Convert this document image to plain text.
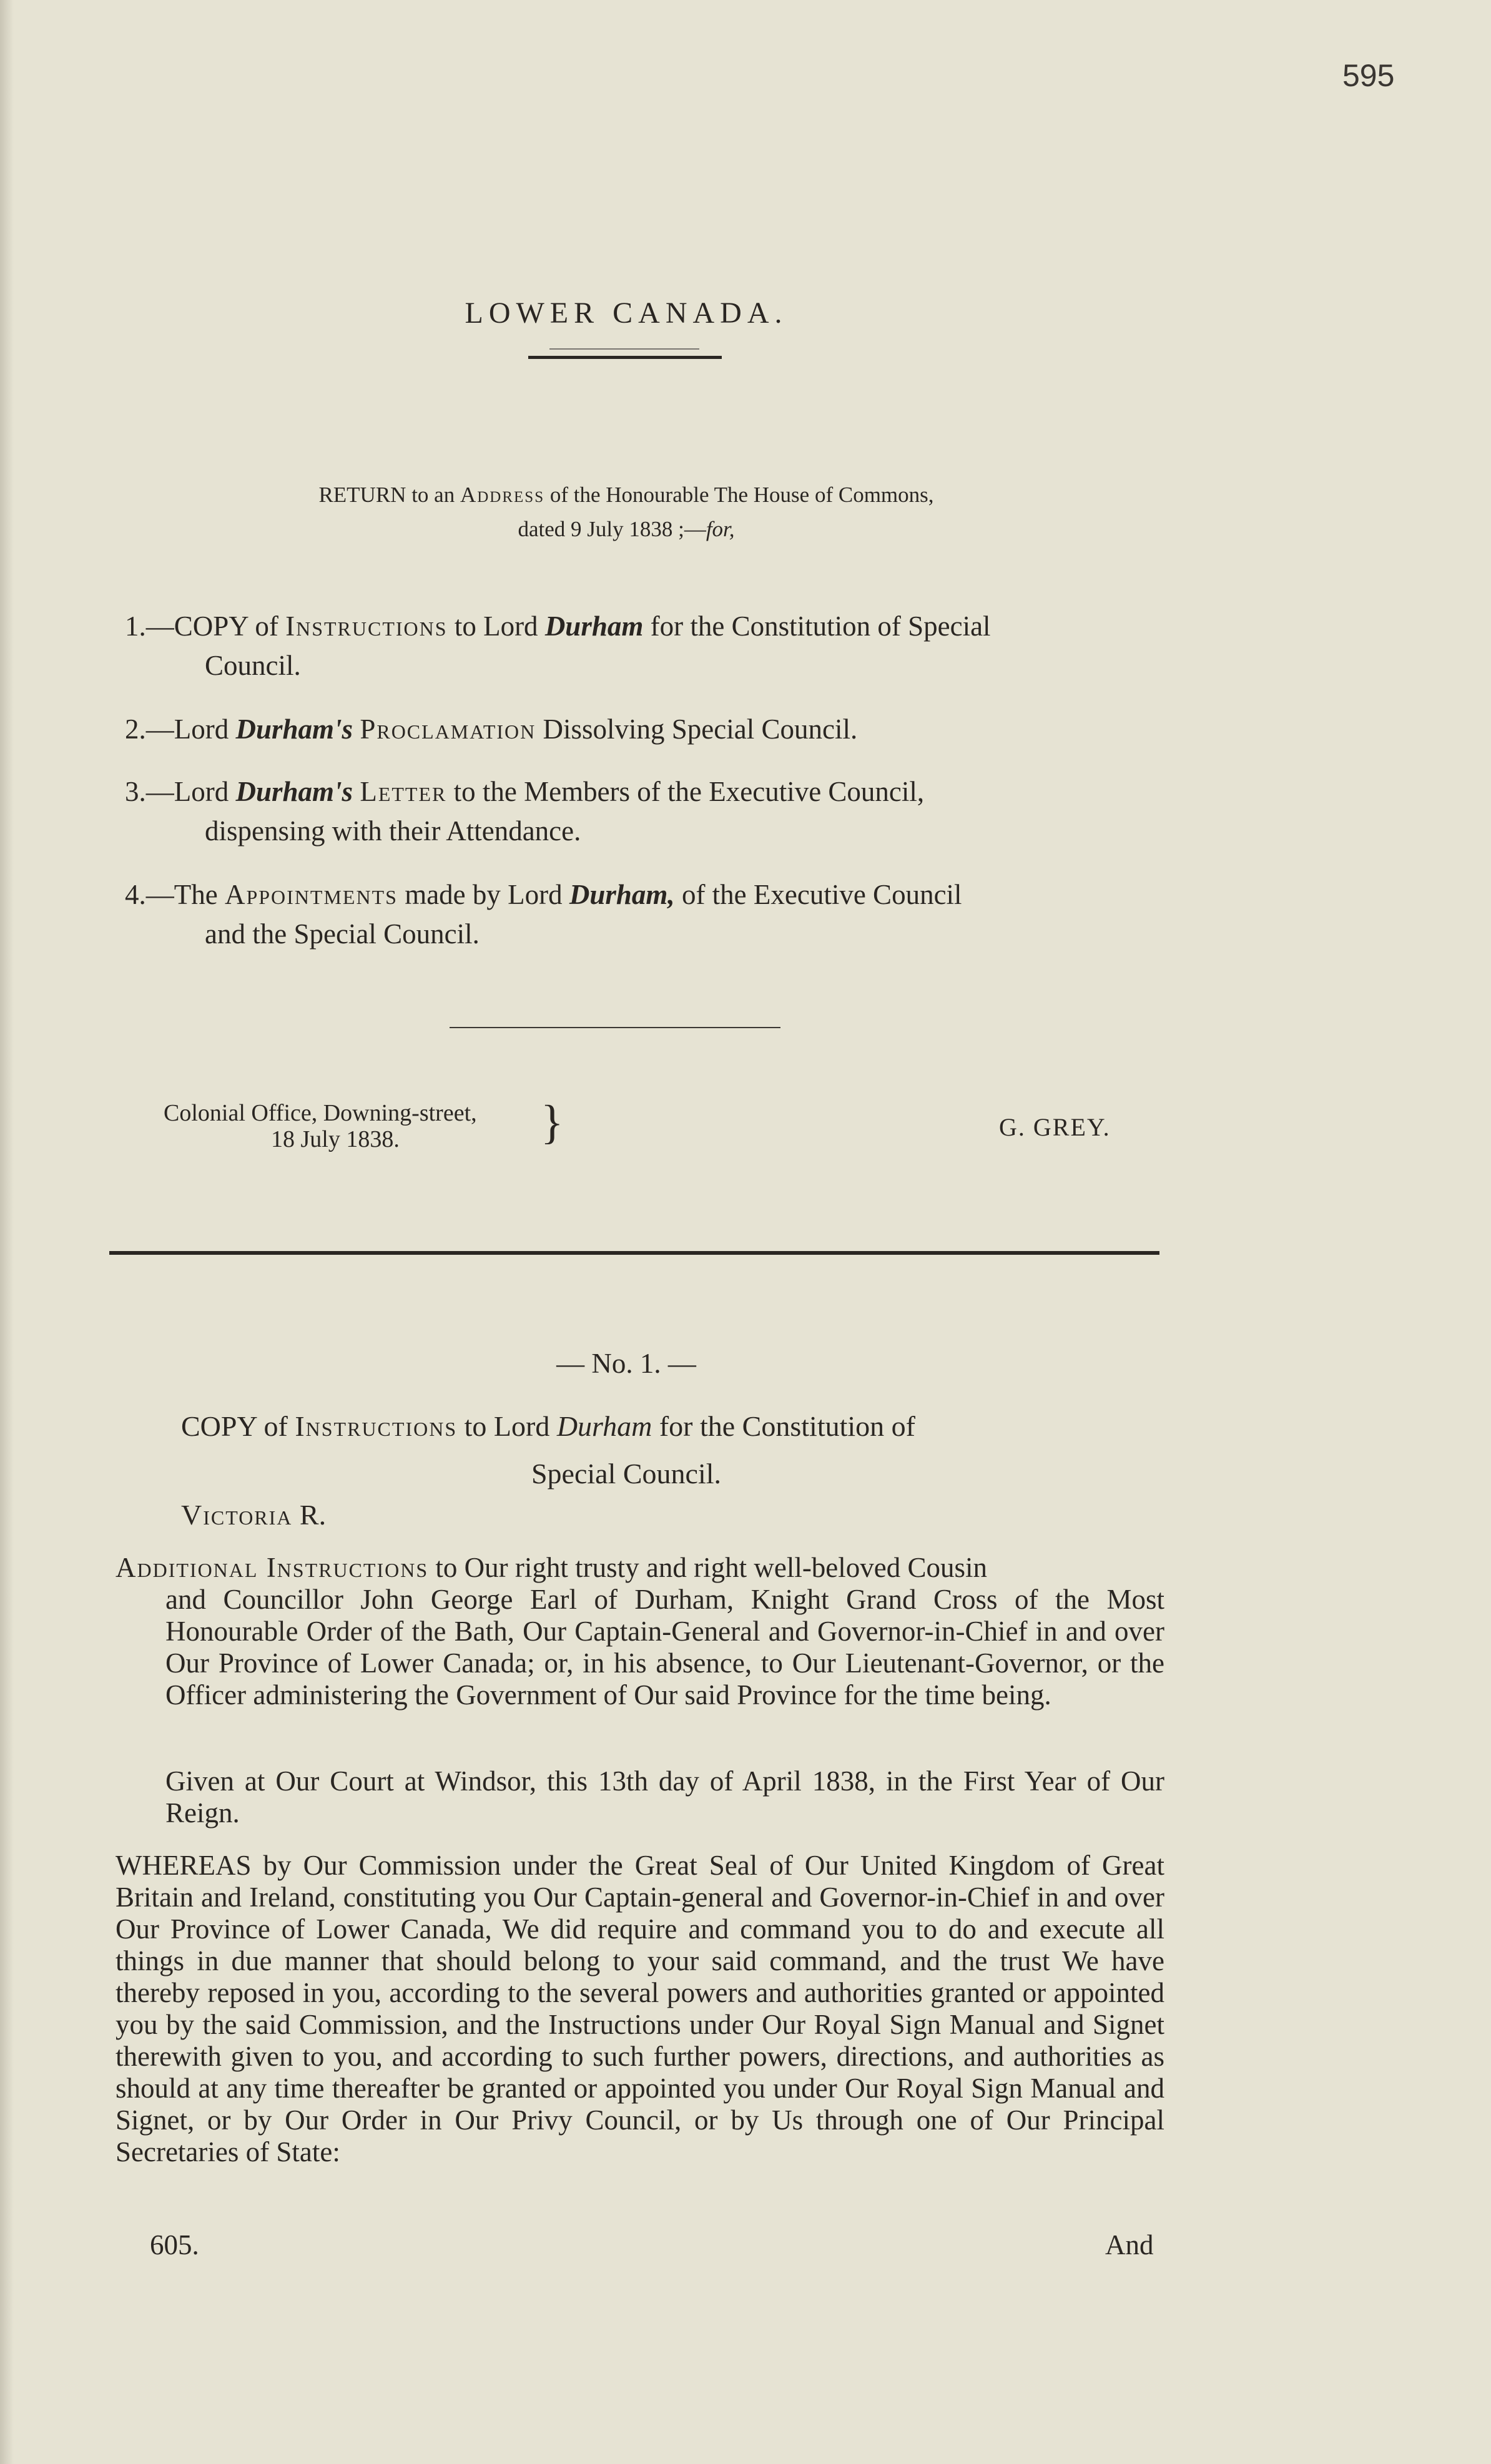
595
LOWER CANADA.
RETURN to an Address of the Honourable The House of Commons,
dated 9 July 1838 ;—for,
1.—COPY of Instructions to Lord Durham for the Constitution of Special
Council.
2.—Lord Durham's Proclamation Dissolving Special Council.
3.—Lord Durham's Letter to the Members of the Executive Council,
dispensing with their Attendance.
4.—The Appointments made by Lord Durham, of the Executive Council
and the Special Council.
Colonial Office, Downing-street,
18 July 1838.	}	G. GREY.
— No. 1. —
COPY of Instructions to Lord Durham for the Constitution of
Special Council.
Victoria R.
Additional Instructions to Our right trusty and right well-beloved Cousin
and Councillor John George Earl of Durham, Knight Grand Cross of the Most Honourable Order of the Bath, Our Captain-General and Governor-in-Chief in and over Our Province of Lower Canada; or, in his absence, to Our Lieutenant-Governor, or the Officer administering the Government of Our said Province for the time being.
Given at Our Court at Windsor, this 13th day of April 1838, in the First Year of Our Reign.
WHEREAS by Our Commission under the Great Seal of Our United Kingdom of Great Britain and Ireland, constituting you Our Captain-general and Governor-in-Chief in and over Our Province of Lower Canada, We did require and command you to do and execute all things in due manner that should belong to your said command, and the trust We have thereby reposed in you, according to the several powers and authorities granted or appointed you by the said Commission, and the Instructions under Our Royal Sign Manual and Signet therewith given to you, and according to such further powers, directions, and authorities as should at any time thereafter be granted or appointed you under Our Royal Sign Manual and Signet, or by Our Order in Our Privy Council, or by Us through one of Our Principal Secretaries of State:
605.	And
